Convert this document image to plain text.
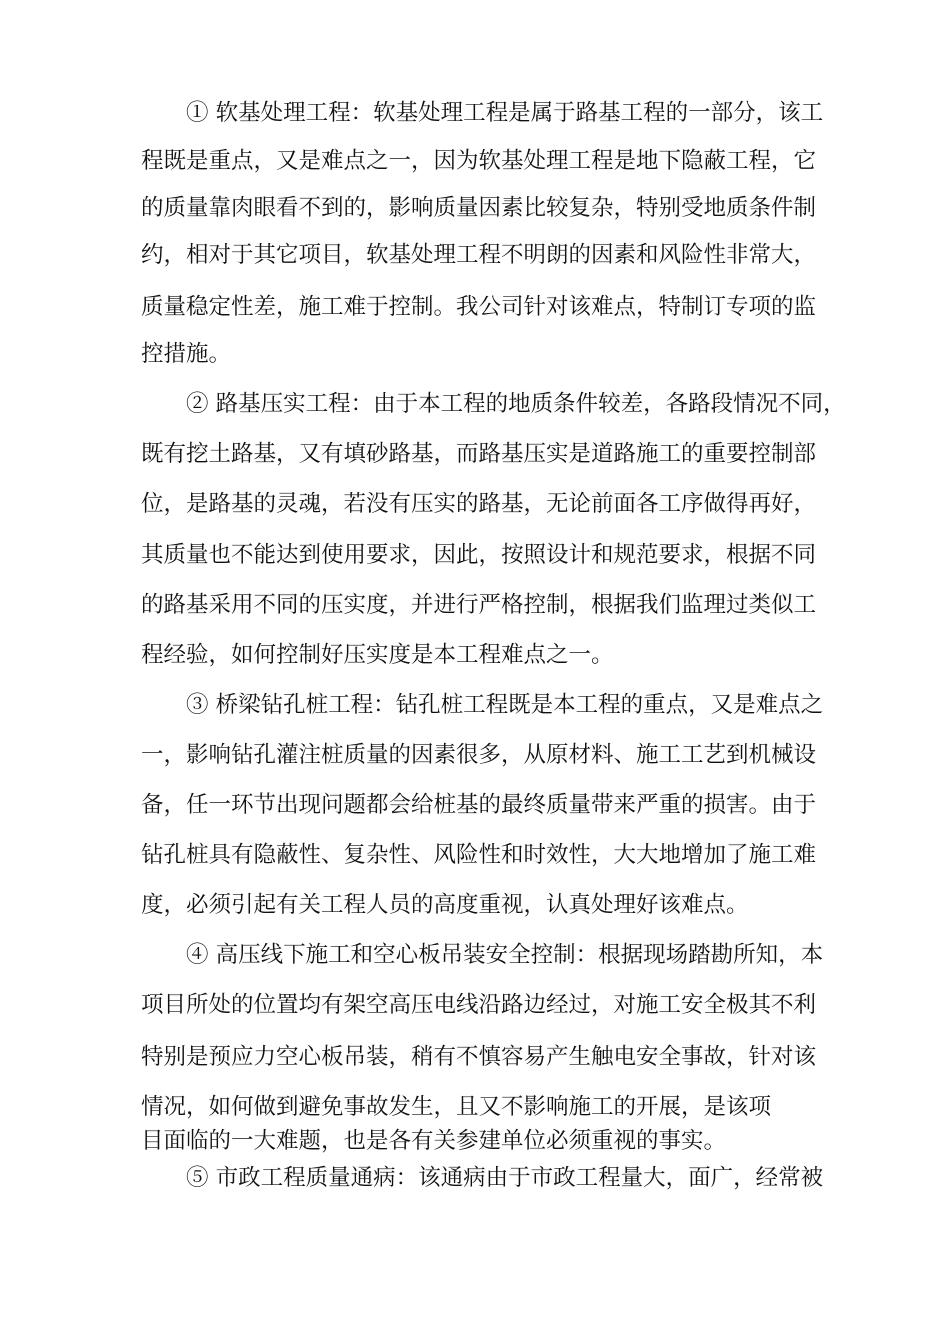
① 软基处理工程：软基处理工程是属于路基工程的一部分，该工
程既是重点，又是难点之一，因为软基处理工程是地下隐蔽工程，它
的质量靠肉眼看不到的，影响质量因素比较复杂，特别受地质条件制
约，相对于其它项目，软基处理工程不明朗的因素和风险性非常大，
质量稳定性差，施工难于控制。我公司针对该难点，特制订专项的监
控措施。
② 路基压实工程：由于本工程的地质条件较差，各路段情况不同，
既有挖土路基，又有填砂路基，而路基压实是道路施工的重要控制部
位，是路基的灵魂，若没有压实的路基，无论前面各工序做得再好，
其质量也不能达到使用要求，因此，按照设计和规范要求，根据不同
的路基采用不同的压实度，并进行严格控制，根据我们监理过类似工
程经验，如何控制好压实度是本工程难点之一。
③ 桥梁钻孔桩工程：钻孔桩工程既是本工程的重点，又是难点之
一，影响钻孔灌注桩质量的因素很多，从原材料、施工工艺到机械设
备，任一环节出现问题都会给桩基的最终质量带来严重的损害。由于
钻孔桩具有隐蔽性、复杂性、风险性和时效性，大大地增加了施工难
度，必须引起有关工程人员的高度重视，认真处理好该难点。
④ 高压线下施工和空心板吊装安全控制：根据现场踏勘所知，本
项目所处的位置均有架空高压电线沿路边经过，对施工安全极其不利
特别是预应力空心板吊装，稍有不慎容易产生触电安全事故，针对该
情况，如何做到避免事故发生，且又不影响施工的开展，是该项
目面临的一大难题，也是各有关参建单位必须重视的事实。
⑤ 市政工程质量通病：该通病由于市政工程量大，面广，经常被
